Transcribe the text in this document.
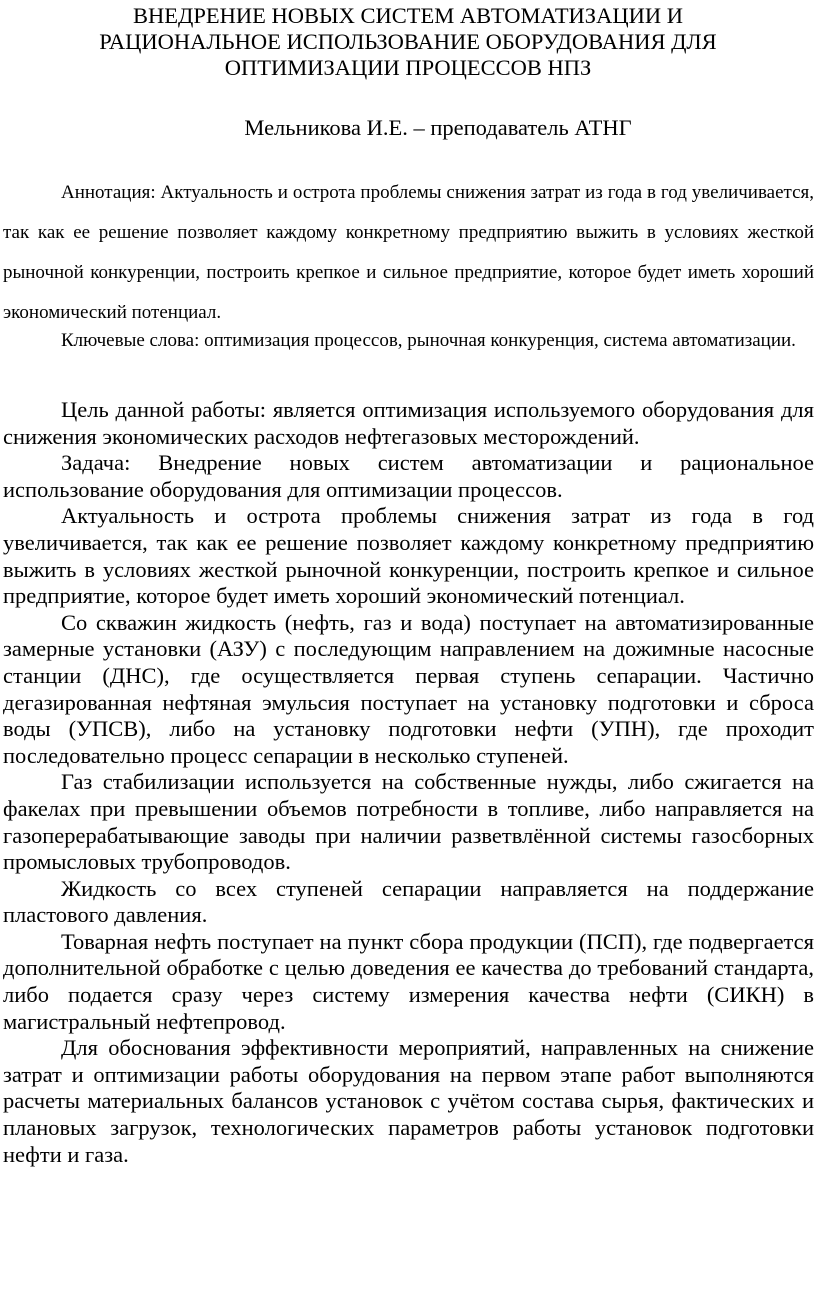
ВНЕДРЕНИЕ НОВЫХ СИСТЕМ АВТОМАТИЗАЦИИ И
РАЦИОНАЛЬНОЕ ИСПОЛЬЗОВАНИЕ ОБОРУДОВАНИЯ ДЛЯ
ОПТИМИЗАЦИИ ПРОЦЕССОВ НПЗ
Мельникова И.Е. – преподаватель АТНГ

Аннотация: Актуальность и острота проблемы снижения затрат из года в год увеличивается, так как ее решение позволяет каждому конкретному предприятию выжить в условиях жесткой рыночной конкуренции, построить крепкое и сильное предприятие, которое будет иметь хороший экономический потенциал.

Ключевые слова: оптимизация процессов, рыночная конкуренция, система автоматизации.

Цель данной работы: является оптимизация используемого оборудования для снижения экономических расходов нефтегазовых месторождений.

Задача: Внедрение новых систем автоматизации и рациональное использование оборудования для оптимизации процессов.

Актуальность и острота проблемы снижения затрат из года в год увеличивается, так как ее решение позволяет каждому конкретному предприятию выжить в условиях жесткой рыночной конкуренции, построить крепкое и сильное предприятие, которое будет иметь хороший экономический потенциал.

Со скважин жидкость (нефть, газ и вода) поступает на автоматизированные замерные установки (АЗУ) с последующим направлением на дожимные насосные станции (ДНС), где осуществляется первая ступень сепарации. Частично дегазированная нефтяная эмульсия поступает на установку подготовки и сброса воды (УПСВ), либо на установку подготовки нефти (УПН), где проходит последовательно процесс сепарации в несколько ступеней.

Газ стабилизации используется на собственные нужды, либо сжигается на факелах при превышении объемов потребности в топливе, либо направляется на газоперерабатывающие заводы при наличии разветвлённой системы газосборных промысловых трубопроводов.

Жидкость со всех ступеней сепарации направляется на поддержание пластового давления.

Товарная нефть поступает на пункт сбора продукции (ПСП), где подвергается дополнительной обработке с целью доведения ее качества до требований стандарта, либо подается сразу через систему измерения качества нефти (СИКН) в магистральный нефтепровод.

Для обоснования эффективности мероприятий, направленных на снижение затрат и оптимизации работы оборудования на первом этапе работ выполняются расчеты материальных балансов установок с учётом состава сырья, фактических и плановых загрузок, технологических параметров работы установок подготовки нефти и газа.
